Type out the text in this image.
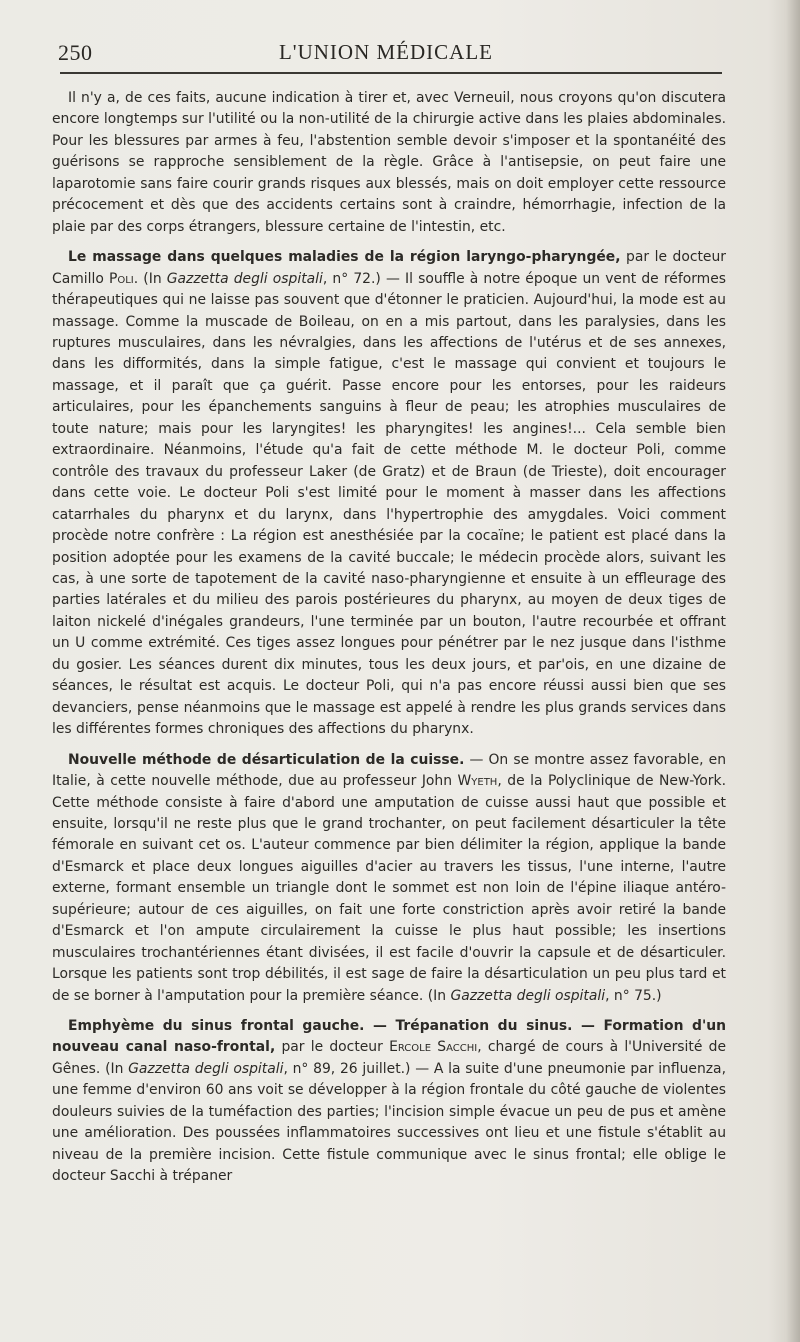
250	L'UNION MÉDICALE

Il n'y a, de ces faits, aucune indication à tirer et, avec Verneuil, nous croyons qu'on discutera encore longtemps sur l'utilité ou la non-utilité de la chirurgie active dans les plaies abdominales. Pour les blessures par armes à feu, l'abstention semble devoir s'imposer et la spontanéité des guérisons se rapproche sensiblement de la règle. Grâce à l'antisepsie, on peut faire une laparotomie sans faire courir grands risques aux blessés, mais on doit employer cette ressource précocement et dès que des accidents certains sont à craindre, hémorrhagie, infection de la plaie par des corps étrangers, blessure certaine de l'intestin, etc.

Le massage dans quelques maladies de la région laryngo-pharyngée, par le docteur Camillo Poli. (In Gazzetta degli ospitali, n° 72.) — Il souffle à notre époque un vent de réformes thérapeutiques qui ne laisse pas souvent que d'étonner le praticien. Aujourd'hui, la mode est au massage. Comme la muscade de Boileau, on en a mis partout, dans les paralysies, dans les ruptures musculaires, dans les névralgies, dans les affections de l'utérus et de ses annexes, dans les difformités, dans la simple fatigue, c'est le massage qui convient et toujours le massage, et il paraît que ça guérit. Passe encore pour les entorses, pour les raideurs articulaires, pour les épanchements sanguins à fleur de peau; les atrophies musculaires de toute nature; mais pour les laryngites! les pharyngites! les angines!... Cela semble bien extraordinaire. Néanmoins, l'étude qu'a fait de cette méthode M. le docteur Poli, comme contrôle des travaux du professeur Laker (de Gratz) et de Braun (de Trieste), doit encourager dans cette voie. Le docteur Poli s'est limité pour le moment à masser dans les affections catarrhales du pharynx et du larynx, dans l'hypertrophie des amygdales. Voici comment procède notre confrère : La région est anesthésiée par la cocaïne; le patient est placé dans la position adoptée pour les examens de la cavité buccale; le médecin procède alors, suivant les cas, à une sorte de tapotement de la cavité naso-pharyngienne et ensuite à un effleurage des parties latérales et du milieu des parois postérieures du pharynx, au moyen de deux tiges de laiton nickelé d'inégales grandeurs, l'une terminée par un bouton, l'autre recourbée et offrant un U comme extrémité. Ces tiges assez longues pour pénétrer par le nez jusque dans l'isthme du gosier. Les séances durent dix minutes, tous les deux jours, et par'ois, en une dizaine de séances, le résultat est acquis. Le docteur Poli, qui n'a pas encore réussi aussi bien que ses devanciers, pense néanmoins que le massage est appelé à rendre les plus grands services dans les différentes formes chroniques des affections du pharynx.

Nouvelle méthode de désarticulation de la cuisse. — On se montre assez favorable, en Italie, à cette nouvelle méthode, due au professeur John Wyeth, de la Polyclinique de New-York. Cette méthode consiste à faire d'abord une amputation de cuisse aussi haut que possible et ensuite, lorsqu'il ne reste plus que le grand trochanter, on peut facilement désarticuler la tête fémorale en suivant cet os. L'auteur commence par bien délimiter la région, applique la bande d'Esmarck et place deux longues aiguilles d'acier au travers les tissus, l'une interne, l'autre externe, formant ensemble un triangle dont le sommet est non loin de l'épine iliaque antéro-supérieure; autour de ces aiguilles, on fait une forte constriction après avoir retiré la bande d'Esmarck et l'on ampute circulairement la cuisse le plus haut possible; les insertions musculaires trochantériennes étant divisées, il est facile d'ouvrir la capsule et de désarticuler. Lorsque les patients sont trop débilités, il est sage de faire la désarticulation un peu plus tard et de se borner à l'amputation pour la première séance. (In Gazzetta degli ospitali, n° 75.)

Emphyème du sinus frontal gauche. — Trépanation du sinus. — Formation d'un nouveau canal naso-frontal, par le docteur Ercole Sacchi, chargé de cours à l'Université de Gênes. (In Gazzetta degli ospitali, n° 89, 26 juillet.) — A la suite d'une pneumonie par influenza, une femme d'environ 60 ans voit se développer à la région frontale du côté gauche de violentes douleurs suivies de la tuméfaction des parties; l'incision simple évacue un peu de pus et amène une amélioration. Des poussées inflammatoires successives ont lieu et une fistule s'établit au niveau de la première incision. Cette fistule communique avec le sinus frontal; elle oblige le docteur Sacchi à trépaner
